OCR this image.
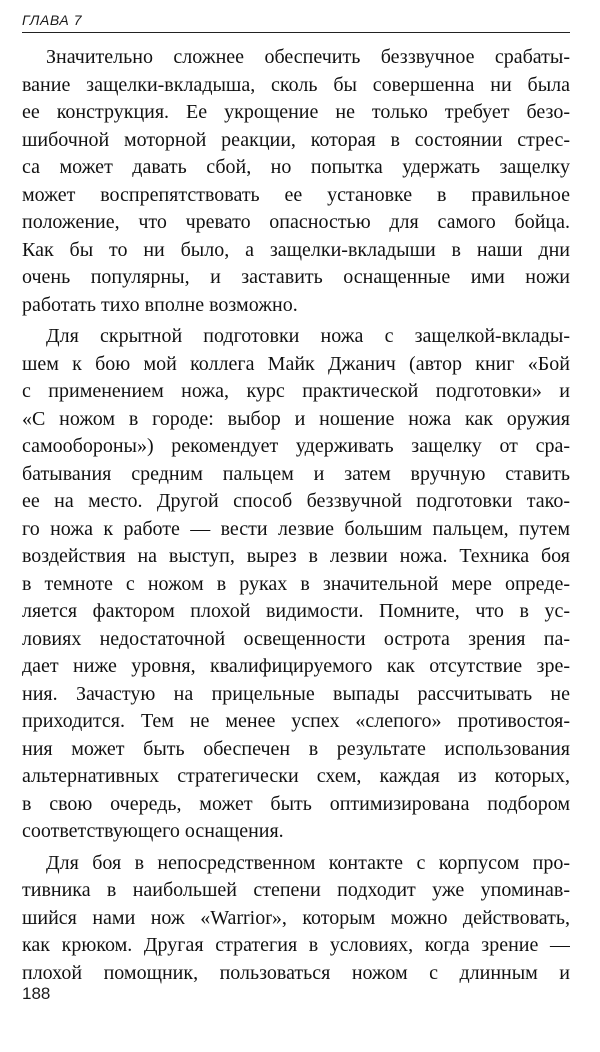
ГЛАВА 7
Значительно сложнее обеспечить беззвучное срабаты-
вание защелки-вкладыша, сколь бы совершенна ни была
ее конструкция. Ее укрощение не только требует безо-
шибочной моторной реакции, которая в состоянии стрес-
са может давать сбой, но попытка удержать защелку
может воспрепятствовать ее установке в правильное
положение, что чревато опасностью для самого бойца.
Как бы то ни было, а защелки-вкладыши в наши дни
очень популярны, и заставить оснащенные ими ножи
работать тихо вполне возможно.
Для скрытной подготовки ножа с защелкой-вклады-
шем к бою мой коллега Майк Джанич (автор книг «Бой
с применением ножа, курс практической подготовки» и
«С ножом в городе: выбор и ношение ножа как оружия
самообороны») рекомендует удерживать защелку от сра-
батывания средним пальцем и затем вручную ставить
ее на место. Другой способ беззвучной подготовки тако-
го ножа к работе — вести лезвие большим пальцем, путем
воздействия на выступ, вырез в лезвии ножа. Техника боя
в темноте с ножом в руках в значительной мере опреде-
ляется фактором плохой видимости. Помните, что в ус-
ловиях недостаточной освещенности острота зрения па-
дает ниже уровня, квалифицируемого как отсутствие зре-
ния. Зачастую на прицельные выпады рассчитывать не
приходится. Тем не менее успех «слепого» противостоя-
ния может быть обеспечен в результате использования
альтернативных стратегически схем, каждая из которых,
в свою очередь, может быть оптимизирована подбором
соответствующего оснащения.
Для боя в непосредственном контакте с корпусом про-
тивника в наибольшей степени подходит уже упоминав-
шийся нами нож «Warrior», которым можно действовать,
как крюком. Другая стратегия в условиях, когда зрение —
плохой помощник, пользоваться ножом с длинным и
188
